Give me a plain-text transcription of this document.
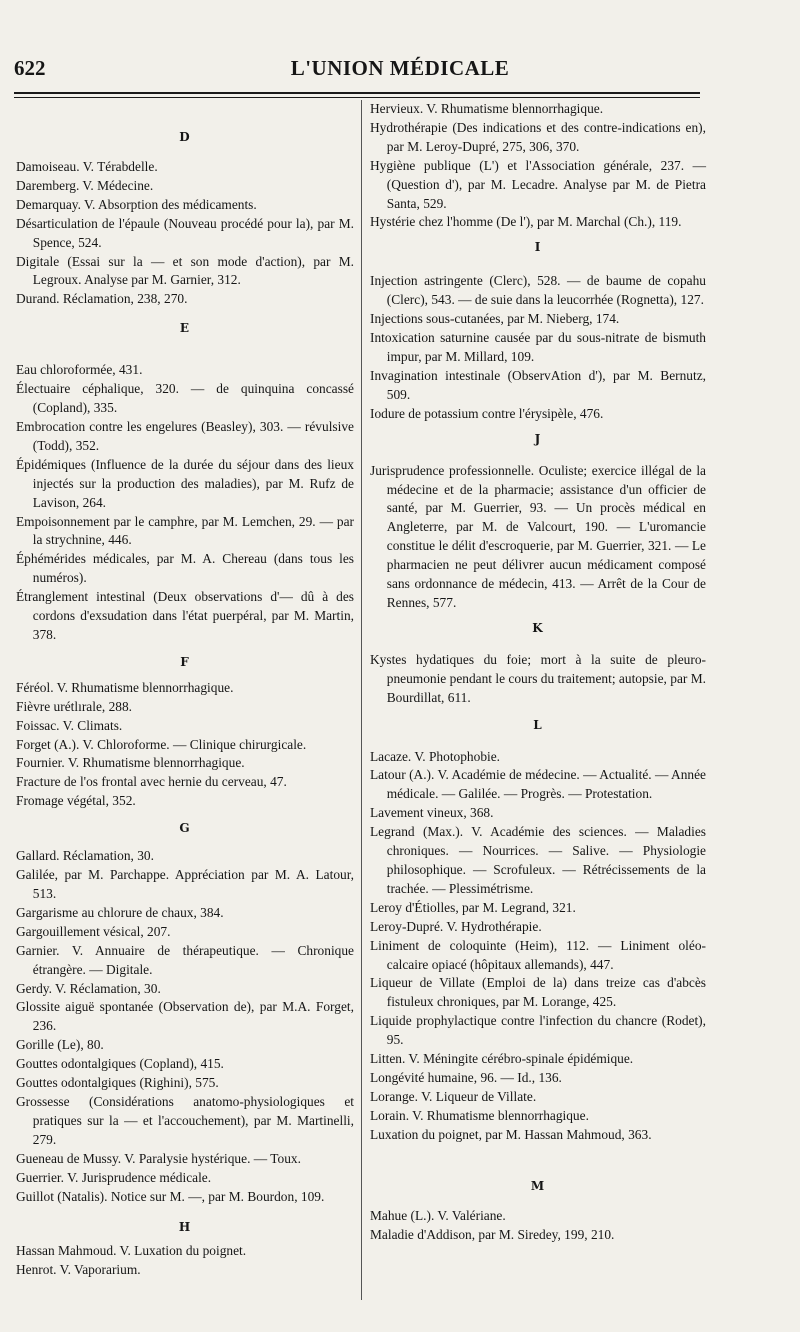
622	L'UNION MÉDICALE
D
Damoiseau. V. Térabdelle.
Daremberg. V. Médecine.
Demarquay. V. Absorption des médicaments.
Désarticulation de l'épaule (Nouveau procédé pour la), par M. Spence, 524.
Digitale (Essai sur la — et son mode d'action), par M. Legroux. Analyse par M. Garnier, 312.
Durand. Réclamation, 238, 270.
E
Eau chloroformée, 431.
Électuaire céphalique, 320. — de quinquina concassé (Copland), 335.
Embrocation contre les engelures (Beasley), 303. — révulsive (Todd), 352.
Épidémiques (Influence de la durée du séjour dans des lieux injectés sur la production des maladies), par M. Rufz de Lavison, 264.
Empoisonnement par le camphre, par M. Lemchen, 29. — par la strychnine, 446.
Éphémérides médicales, par M. A. Chereau (dans tous les numéros).
Étranglement intestinal (Deux observations d'— dû à des cordons d'exsudation dans l'état puerpéral, par M. Martin, 378.
F
Féréol. V. Rhumatisme blennorrhagique.
Fièvre urétlırale, 288.
Foissac. V. Climats.
Forget (A.). V. Chloroforme. — Clinique chirurgicale.
Fournier. V. Rhumatisme blennorrhagique.
Fracture de l'os frontal avec hernie du cerveau, 47.
Fromage végétal, 352.
G
Gallard. Réclamation, 30.
Galilée, par M. Parchappe. Appréciation par M. A. Latour, 513.
Gargarisme au chlorure de chaux, 384.
Gargouillement vésical, 207.
Garnier. V. Annuaire de thérapeutique. — Chronique étrangère. — Digitale.
Gerdy. V. Réclamation, 30.
Glossite aiguë spontanée (Observation de), par M.A. Forget, 236.
Gorille (Le), 80.
Gouttes odontalgiques (Copland), 415.
Gouttes odontalgiques (Righini), 575.
Grossesse (Considérations anatomo-physiologiques et pratiques sur la — et l'accouchement), par M. Martinelli, 279.
Gueneau de Mussy. V. Paralysie hystérique. — Toux.
Guerrier. V. Jurisprudence médicale.
Guillot (Natalis). Notice sur M. —, par M. Bourdon, 109.
H
Hassan Mahmoud. V. Luxation du poignet.
Henrot. V. Vaporarium.
Hervieux. V. Rhumatisme blennorrhagique.
Hydrothérapie (Des indications et des contre-indications en), par M. Leroy-Dupré, 275, 306, 370.
Hygiène publique (L') et l'Association générale, 237. — (Question d'), par M. Lecadre. Analyse par M. de Pietra Santa, 529.
Hystérie chez l'homme (De l'), par M. Marchal (Ch.), 119.
I
Injection astringente (Clerc), 528. — de baume de copahu (Clerc), 543. — de suie dans la leucorrhée (Rognetta), 127.
Injections sous-cutanées, par M. Nieberg, 174.
Intoxication saturnine causée par du sous-nitrate de bismuth impur, par M. Millard, 109.
Invagination intestinale (ObservAtion d'), par M. Bernutz, 509.
Iodure de potassium contre l'érysipèle, 476.
J
Jurisprudence professionnelle. Oculiste; exercice illégal de la médecine et de la pharmacie; assistance d'un officier de santé, par M. Guerrier, 93. — Un procès médical en Angleterre, par M. de Valcourt, 190. — L'uromancie constitue le délit d'escroquerie, par M. Guerrier, 321. — Le pharmacien ne peut délivrer aucun médicament composé sans ordonnance de médecin, 413. — Arrêt de la Cour de Rennes, 577.
K
Kystes hydatiques du foie; mort à la suite de pleuro-pneumonie pendant le cours du traitement; autopsie, par M. Bourdillat, 611.
L
Lacaze. V. Photophobie.
Latour (A.). V. Académie de médecine. — Actualité. — Année médicale. — Galilée. — Progrès. — Protestation.
Lavement vineux, 368.
Legrand (Max.). V. Académie des sciences. — Maladies chroniques. — Nourrices. — Salive. — Physiologie philosophique. — Scrofuleux. — Rétrécissements de la trachée. — Plessimétrisme.
Leroy d'Étiolles, par M. Legrand, 321.
Leroy-Dupré. V. Hydrothérapie.
Liniment de coloquinte (Heim), 112. — Liniment oléo-calcaire opiacé (hôpitaux allemands), 447.
Liqueur de Villate (Emploi de la) dans treize cas d'abcès fistuleux chroniques, par M. Lorange, 425.
Liquide prophylactique contre l'infection du chancre (Rodet), 95.
Litten. V. Méningite cérébro-spinale épidémique.
Longévité humaine, 96. — Id., 136.
Lorange. V. Liqueur de Villate.
Lorain. V. Rhumatisme blennorrhagique.
Luxation du poignet, par M. Hassan Mahmoud, 363.
M
Mahue (L.). V. Valériane.
Maladie d'Addison, par M. Siredey, 199, 210.
